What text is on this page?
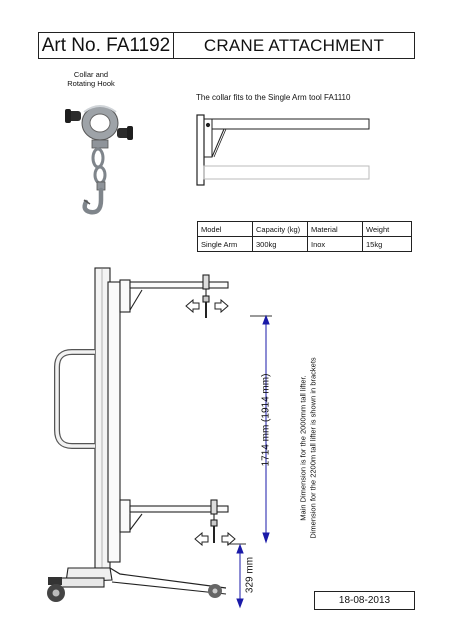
Art No. FA1192	CRANE ATTACHMENT
Collar and
Rotating Hook
The collar fits to the Single Arm tool FA1110
Model	Capacity (kg)	Material	Weight
Single Arm	300kg	Inox	15kg
1714 mm (1914 mm)
329 mm
Main Dimension is for the 2000mm tall lifter. Dimension for the 2200m tall lifter is shown in brackets
18-08-2013
